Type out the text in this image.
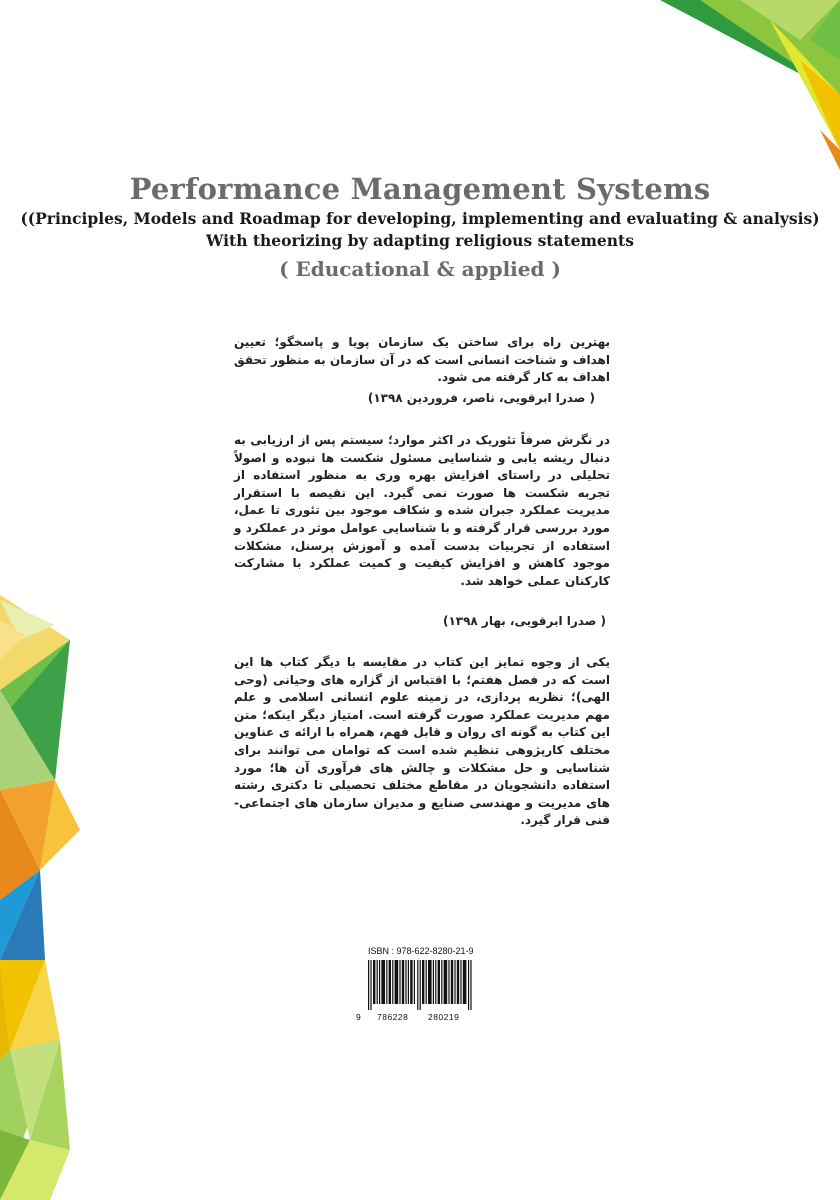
Performance Management Systems
((Principles, Models and Roadmap for developing, implementing and evaluating & analysis)
With theorizing by adapting religious statements
( Educational & applied )

بهترین راه برای ساختن یک سازمان پویا و پاسخگو؛ تعیین اهداف و شناخت انسانی است که در آن سازمان به منظور تحقق اهداف به کار گرفته می شود.

( صدرا ابرقویی، ناصر، فروردین ۱۳۹۸)

در نگرش صرفاً تئوریک در اکثر موارد؛ سیستم پس از ارزیابی به دنبال ریشه یابی و شناسایی مسئول شکست ها نبوده و اصولاً تحلیلی در راستای افزایش بهره وری به منظور استفاده از تجربه شکست ها صورت نمی گیرد. این نقیصه با استقرار مدیریت عملکرد جبران شده و شکاف موجود بین تئوری تا عمل، مورد بررسی قرار گرفته و با شناسایی عوامل موثر در عملکرد و استفاده از تجربیات بدست آمده و آموزش پرسنل، مشکلات موجود کاهش و افزایش کیفیت و کمیت عملکرد با مشارکت کارکنان عملی خواهد شد.

( صدرا ابرقویی، بهار ۱۳۹۸)

یکی از وجوه تمایز این کتاب در مقایسه با دیگر کتاب ها این است که در فصل هفتم؛ با اقتباس از گزاره های وحیانی (وحی الهی)؛ نظریه پردازی، در زمینه علوم انسانی اسلامی و علم مهم مدیریت عملکرد صورت گرفته است. امتیاز دیگر اینکه؛ متن این کتاب به گونه ای روان و قابل فهم، همراه با ارائه ی عناوین مختلف کارپژوهی تنظیم شده است که توامان می توانند برای شناسایی و حل مشکلات و چالش های فرآوری آن ها؛ مورد استفاده دانشجویان در مقاطع مختلف تحصیلی تا دکتری رشته های مدیریت و مهندسی صنایع و مدیران سازمان های اجتماعی- فنی قرار گیرد.

ISBN : 978-622-8280-21-9
9 786228 280219
